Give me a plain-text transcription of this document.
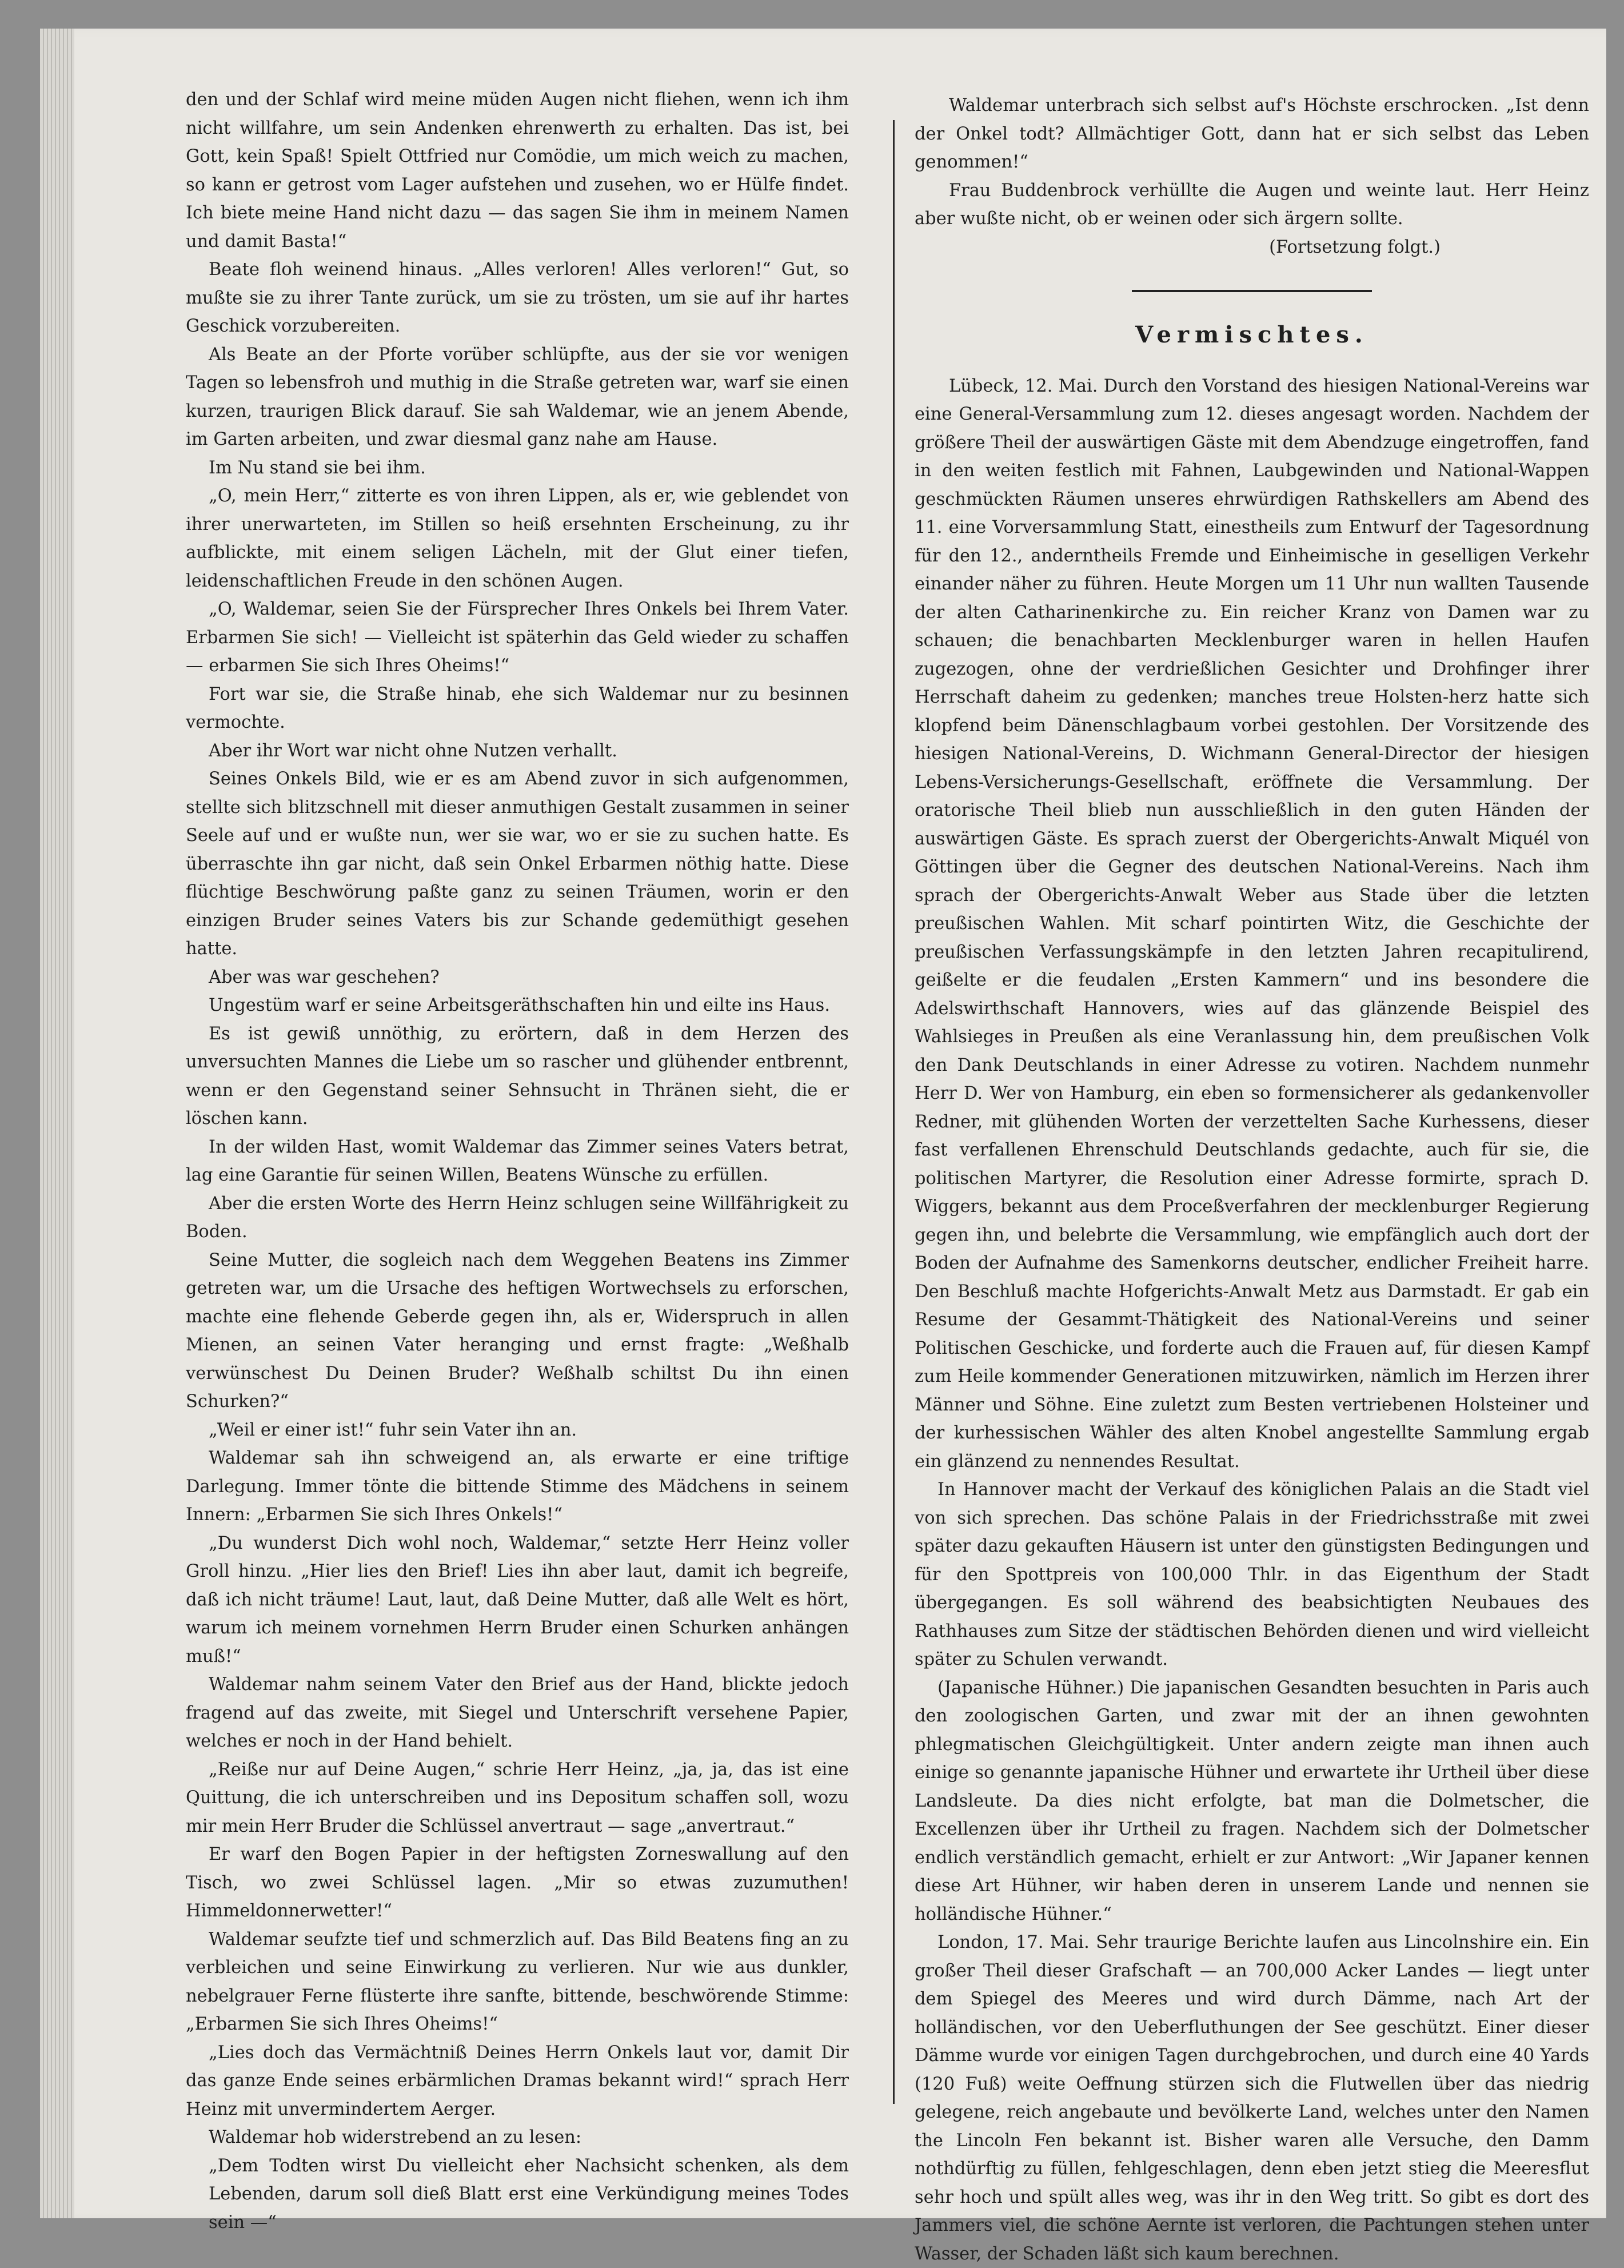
den und der Schlaf wird meine müden Augen nicht fliehen, wenn ich ihm nicht willfahre, um sein Andenken ehrenwerth zu erhalten. Das ist, bei Gott, kein Spaß! Spielt Ottfried nur Comödie, um mich weich zu machen, so kann er getrost vom Lager aufstehen und zusehen, wo er Hülfe findet. Ich biete meine Hand nicht dazu — das sagen Sie ihm in meinem Namen und damit Basta!“

Beate floh weinend hinaus. „Alles verloren! Alles verloren!“ Gut, so mußte sie zu ihrer Tante zurück, um sie zu trösten, um sie auf ihr hartes Geschick vorzubereiten.

Als Beate an der Pforte vorüber schlüpfte, aus der sie vor wenigen Tagen so lebensfroh und muthig in die Straße getreten war, warf sie einen kurzen, traurigen Blick darauf. Sie sah Waldemar, wie an jenem Abende, im Garten arbeiten, und zwar diesmal ganz nahe am Hause.

Im Nu stand sie bei ihm.

„O, mein Herr,“ zitterte es von ihren Lippen, als er, wie geblendet von ihrer unerwarteten, im Stillen so heiß ersehnten Erscheinung, zu ihr aufblickte, mit einem seligen Lächeln, mit der Glut einer tiefen, leidenschaftlichen Freude in den schönen Augen.

„O, Waldemar, seien Sie der Fürsprecher Ihres Onkels bei Ihrem Vater. Erbarmen Sie sich! — Vielleicht ist späterhin das Geld wieder zu schaffen — erbarmen Sie sich Ihres Oheims!“

Fort war sie, die Straße hinab, ehe sich Waldemar nur zu besinnen vermochte.

Aber ihr Wort war nicht ohne Nutzen verhallt.

Seines Onkels Bild, wie er es am Abend zuvor in sich aufgenommen, stellte sich blitzschnell mit dieser anmuthigen Gestalt zusammen in seiner Seele auf und er wußte nun, wer sie war, wo er sie zu suchen hatte. Es überraschte ihn gar nicht, daß sein Onkel Erbarmen nöthig hatte. Diese flüchtige Beschwörung paßte ganz zu seinen Träumen, worin er den einzigen Bruder seines Vaters bis zur Schande gedemüthigt gesehen hatte.

Aber was war geschehen?

Ungestüm warf er seine Arbeitsgeräthschaften hin und eilte ins Haus.

Es ist gewiß unnöthig, zu erörtern, daß in dem Herzen des unversuchten Mannes die Liebe um so rascher und glühender entbrennt, wenn er den Gegenstand seiner Sehnsucht in Thränen sieht, die er löschen kann.

In der wilden Hast, womit Waldemar das Zimmer seines Vaters betrat, lag eine Garantie für seinen Willen, Beatens Wünsche zu erfüllen.

Aber die ersten Worte des Herrn Heinz schlugen seine Willfährigkeit zu Boden.

Seine Mutter, die sogleich nach dem Weggehen Beatens ins Zimmer getreten war, um die Ursache des heftigen Wortwechsels zu erforschen, machte eine flehende Geberde gegen ihn, als er, Widerspruch in allen Mienen, an seinen Vater heranging und ernst fragte: „Weßhalb verwünschest Du Deinen Bruder? Weßhalb schiltst Du ihn einen Schurken?“

„Weil er einer ist!“ fuhr sein Vater ihn an.

Waldemar sah ihn schweigend an, als erwarte er eine triftige Darlegung. Immer tönte die bittende Stimme des Mädchens in seinem Innern: „Erbarmen Sie sich Ihres Onkels!“

„Du wunderst Dich wohl noch, Waldemar,“ setzte Herr Heinz voller Groll hinzu. „Hier lies den Brief! Lies ihn aber laut, damit ich begreife, daß ich nicht träume! Laut, laut, daß Deine Mutter, daß alle Welt es hört, warum ich meinem vornehmen Herrn Bruder einen Schurken anhängen muß!“

Waldemar nahm seinem Vater den Brief aus der Hand, blickte jedoch fragend auf das zweite, mit Siegel und Unterschrift versehene Papier, welches er noch in der Hand behielt.

„Reiße nur auf Deine Augen,“ schrie Herr Heinz, „ja, ja, das ist eine Quittung, die ich unterschreiben und ins Depositum schaffen soll, wozu mir mein Herr Bruder die Schlüssel anvertraut — sage „anvertraut.“

Er warf den Bogen Papier in der heftigsten Zorneswallung auf den Tisch, wo zwei Schlüssel lagen. „Mir so etwas zuzumuthen! Himmeldonnerwetter!“

Waldemar seufzte tief und schmerzlich auf. Das Bild Beatens fing an zu verbleichen und seine Einwirkung zu verlieren. Nur wie aus dunkler, nebelgrauer Ferne flüsterte ihre sanfte, bittende, beschwörende Stimme: „Erbarmen Sie sich Ihres Oheims!“

„Lies doch das Vermächtniß Deines Herrn Onkels laut vor, damit Dir das ganze Ende seines erbärmlichen Dramas bekannt wird!“ sprach Herr Heinz mit unvermindertem Aerger.

Waldemar hob widerstrebend an zu lesen:

„Dem Todten wirst Du vielleicht eher Nachsicht schenken, als dem Lebenden, darum soll dieß Blatt erst eine Verkündigung meines Todes sein —“

Waldemar unterbrach sich selbst auf's Höchste erschrocken. „Ist denn der Onkel todt? Allmächtiger Gott, dann hat er sich selbst das Leben genommen!“

Frau Buddenbrock verhüllte die Augen und weinte laut. Herr Heinz aber wußte nicht, ob er weinen oder sich ärgern sollte.

(Fortsetzung folgt.)

Vermischtes.

Lübeck, 12. Mai. Durch den Vorstand des hiesigen National-Vereins war eine General-Versammlung zum 12. dieses angesagt worden. Nachdem der größere Theil der auswärtigen Gäste mit dem Abendzuge eingetroffen, fand in den weiten festlich mit Fahnen, Laubgewinden und National-Wappen geschmückten Räumen unseres ehrwürdigen Rathskellers am Abend des 11. eine Vorversammlung Statt, einestheils zum Entwurf der Tagesordnung für den 12., anderntheils Fremde und Einheimische in geselligen Verkehr einander näher zu führen. Heute Morgen um 11 Uhr nun wallten Tausende der alten Catharinenkirche zu. Ein reicher Kranz von Damen war zu schauen; die benachbarten Mecklenburger waren in hellen Haufen zugezogen, ohne der verdrießlichen Gesichter und Drohfinger ihrer Herrschaft daheim zu gedenken; manches treue Holsten-herz hatte sich klopfend beim Dänenschlagbaum vorbei gestohlen. Der Vorsitzende des hiesigen National-Vereins, D. Wichmann General-Director der hiesigen Lebens-Versicherungs-Gesellschaft, eröffnete die Versammlung. Der oratorische Theil blieb nun ausschließlich in den guten Händen der auswärtigen Gäste. Es sprach zuerst der Obergerichts-Anwalt Miquél von Göttingen über die Gegner des deutschen National-Vereins. Nach ihm sprach der Obergerichts-Anwalt Weber aus Stade über die letzten preußischen Wahlen. Mit scharf pointirten Witz, die Geschichte der preußischen Verfassungskämpfe in den letzten Jahren recapitulirend, geißelte er die feudalen „Ersten Kammern“ und ins besondere die Adelswirthschaft Hannovers, wies auf das glänzende Beispiel des Wahlsieges in Preußen als eine Veranlassung hin, dem preußischen Volk den Dank Deutschlands in einer Adresse zu votiren. Nachdem nunmehr Herr D. Wer von Hamburg, ein eben so formensicherer als gedankenvoller Redner, mit glühenden Worten der verzettelten Sache Kurhessens, dieser fast verfallenen Ehrenschuld Deutschlands gedachte, auch für sie, die politischen Martyrer, die Resolution einer Adresse formirte, sprach D. Wiggers, bekannt aus dem Proceßverfahren der mecklenburger Regierung gegen ihn, und belebrte die Versammlung, wie empfänglich auch dort der Boden der Aufnahme des Samenkorns deutscher, endlicher Freiheit harre. Den Beschluß machte Hofgerichts-Anwalt Metz aus Darmstadt. Er gab ein Resume der Gesammt-Thätigkeit des National-Vereins und seiner Politischen Geschicke, und forderte auch die Frauen auf, für diesen Kampf zum Heile kommender Generationen mitzuwirken, nämlich im Herzen ihrer Männer und Söhne. Eine zuletzt zum Besten vertriebenen Holsteiner und der kurhessischen Wähler des alten Knobel angestellte Sammlung ergab ein glänzend zu nennendes Resultat.

In Hannover macht der Verkauf des königlichen Palais an die Stadt viel von sich sprechen. Das schöne Palais in der Friedrichsstraße mit zwei später dazu gekauften Häusern ist unter den günstigsten Bedingungen und für den Spottpreis von 100,000 Thlr. in das Eigenthum der Stadt übergegangen. Es soll während des beabsichtigten Neubaues des Rathhauses zum Sitze der städtischen Behörden dienen und wird vielleicht später zu Schulen verwandt.

(Japanische Hühner.) Die japanischen Gesandten besuchten in Paris auch den zoologischen Garten, und zwar mit der an ihnen gewohnten phlegmatischen Gleichgültigkeit. Unter andern zeigte man ihnen auch einige so genannte japanische Hühner und erwartete ihr Urtheil über diese Landsleute. Da dies nicht erfolgte, bat man die Dolmetscher, die Excellenzen über ihr Urtheil zu fragen. Nachdem sich der Dolmetscher endlich verständlich gemacht, erhielt er zur Antwort: „Wir Japaner kennen diese Art Hühner, wir haben deren in unserem Lande und nennen sie holländische Hühner.“

London, 17. Mai. Sehr traurige Berichte laufen aus Lincolnshire ein. Ein großer Theil dieser Grafschaft — an 700,000 Acker Landes — liegt unter dem Spiegel des Meeres und wird durch Dämme, nach Art der holländischen, vor den Ueberfluthungen der See geschützt. Einer dieser Dämme wurde vor einigen Tagen durchgebrochen, und durch eine 40 Yards (120 Fuß) weite Oeffnung stürzen sich die Flutwellen über das niedrig gelegene, reich angebaute und bevölkerte Land, welches unter den Namen the Lincoln Fen bekannt ist. Bisher waren alle Versuche, den Damm nothdürftig zu füllen, fehlgeschlagen, denn eben jetzt stieg die Meeresflut sehr hoch und spült alles weg, was ihr in den Weg tritt. So gibt es dort des Jammers viel, die schöne Aernte ist verloren, die Pachtungen stehen unter Wasser, der Schaden läßt sich kaum berechnen.
